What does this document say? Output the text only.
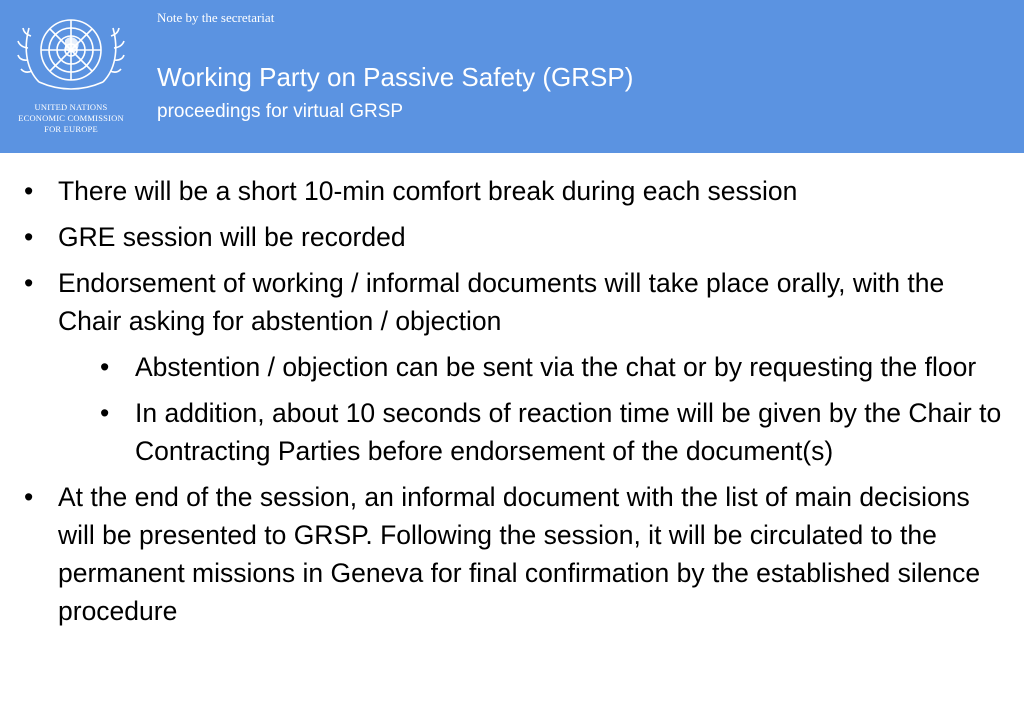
UNITED NATIONS
ECONOMIC COMMISSION
FOR EUROPE
Note by the secretariat
Working Party on Passive Safety (GRSP)
proceedings for virtual GRSP
• There will be a short 10-min comfort break during each session
• GRE session will be recorded
• Endorsement of working / informal documents will take place orally, with the Chair asking for abstention / objection
• Abstention / objection can be sent via the chat or by requesting the floor
• In addition, about 10 seconds of reaction time will be given by the Chair to Contracting Parties before endorsement of the document(s)
• At the end of the session, an informal document with the list of main decisions will be presented to GRSP. Following the session, it will be circulated to the permanent missions in Geneva for final confirmation by the established silence procedure
